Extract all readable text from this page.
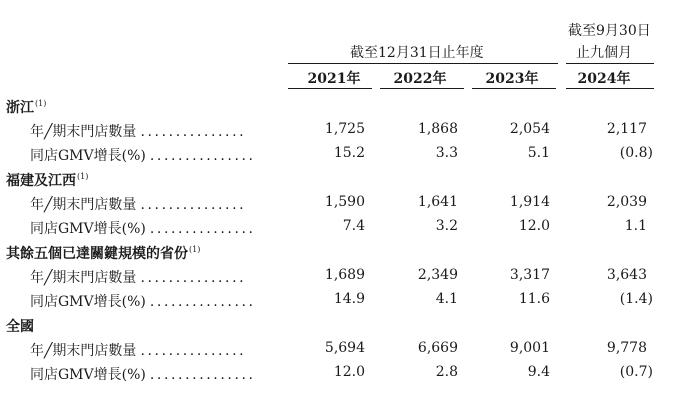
截至9月30日
截至12月31日止年度	止九個月
2021年	2022年	2023年	2024年
浙江$^{(1)}$
年╱期末門店數量 ...............	1,725	1,868	2,054	2,117
同店GMV增長(%) ...............	15.2	3.3	5.1	(0.8)
福建及江西$^{(1)}$
年╱期末門店數量 ...............	1,590	1,641	1,914	2,039
同店GMV增長(%) ...............	7.4	3.2	12.0	1.1
其餘五個已達關鍵規模的省份$^{(1)}$
年╱期末門店數量 ...............	1,689	2,349	3,317	3,643
同店GMV增長(%) ...............	14.9	4.1	11.6	(1.4)
全國
年╱期末門店數量 ...............	5,694	6,669	9,001	9,778
同店GMV增長(%) ...............	12.0	2.8	9.4	(0.7)
